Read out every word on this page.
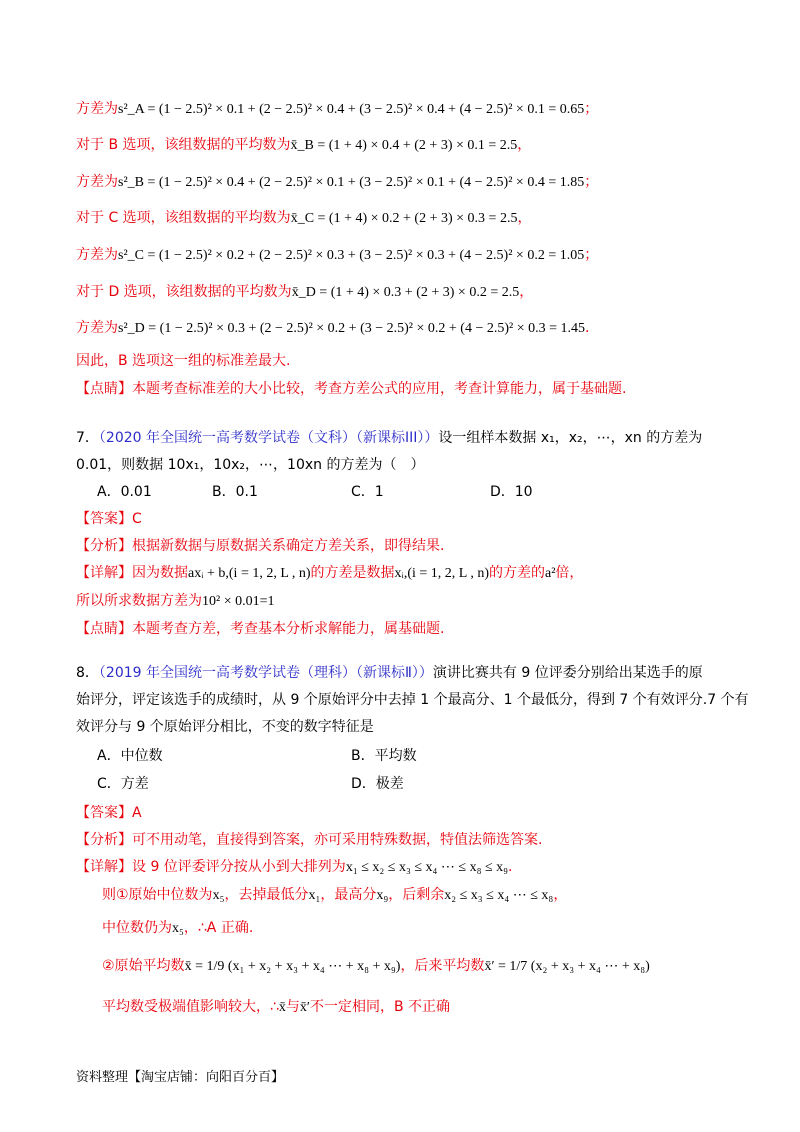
方差为s²_A = (1 − 2.5)² × 0.1 + (2 − 2.5)² × 0.4 + (3 − 2.5)² × 0.4 + (4 − 2.5)² × 0.1 = 0.65；
对于 B 选项，该组数据的平均数为x̄_B = (1 + 4) × 0.4 + (2 + 3) × 0.1 = 2.5，
方差为s²_B = (1 − 2.5)² × 0.4 + (2 − 2.5)² × 0.1 + (3 − 2.5)² × 0.1 + (4 − 2.5)² × 0.4 = 1.85；
对于 C 选项，该组数据的平均数为x̄_C = (1 + 4) × 0.2 + (2 + 3) × 0.3 = 2.5，
方差为s²_C = (1 − 2.5)² × 0.2 + (2 − 2.5)² × 0.3 + (3 − 2.5)² × 0.3 + (4 − 2.5)² × 0.2 = 1.05；
对于 D 选项，该组数据的平均数为x̄_D = (1 + 4) × 0.3 + (2 + 3) × 0.2 = 2.5，
方差为s²_D = (1 − 2.5)² × 0.3 + (2 − 2.5)² × 0.2 + (3 − 2.5)² × 0.2 + (4 − 2.5)² × 0.3 = 1.45.
因此，B 选项这一组的标准差最大.
【点睛】本题考查标准差的大小比较，考查方差公式的应用，考查计算能力，属于基础题.
7．（2020 年全国统一高考数学试卷（文科）（新课标III））设一组样本数据 x₁，x₂，⋯，xn 的方差为
0.01，则数据 10x₁，10x₂，⋯，10xn 的方差为（　）
A．0.01	B．0.1	C．1	D．10
【答案】C
【分析】根据新数据与原数据关系确定方差关系，即得结果.
【详解】因为数据axᵢ + b,(i = 1, 2, L , n)的方差是数据xᵢ,(i = 1, 2, L , n)的方差的a²倍，
所以所求数据方差为10² × 0.01=1
【点睛】本题考查方差，考查基本分析求解能力，属基础题.
8．（2019 年全国统一高考数学试卷（理科）（新课标Ⅱ））演讲比赛共有 9 位评委分别给出某选手的原
始评分，评定该选手的成绩时，从 9 个原始评分中去掉 1 个最高分、1 个最低分，得到 7 个有效评分.7 个有
效评分与 9 个原始评分相比，不变的数字特征是
A．中位数	B．平均数
C．方差	D．极差
【答案】A
【分析】可不用动笔，直接得到答案，亦可采用特殊数据，特值法筛选答案.
【详解】设 9 位评委评分按从小到大排列为x₁ ≤ x₂ ≤ x₃ ≤ x₄ ⋯ ≤ x₈ ≤ x₉.
则①原始中位数为x₅，去掉最低分x₁，最高分x₉，后剩余x₂ ≤ x₃ ≤ x₄ ⋯ ≤ x₈，
中位数仍为x₅，∴A 正确.
②原始平均数x̄ = 1/9 (x₁ + x₂ + x₃ + x₄ ⋯ + x₈ + x₉)，后来平均数x̄′ = 1/7 (x₂ + x₃ + x₄ ⋯ + x₈)
平均数受极端值影响较大，∴x̄与x̄′不一定相同，B 不正确
资料整理【淘宝店铺：向阳百分百】
